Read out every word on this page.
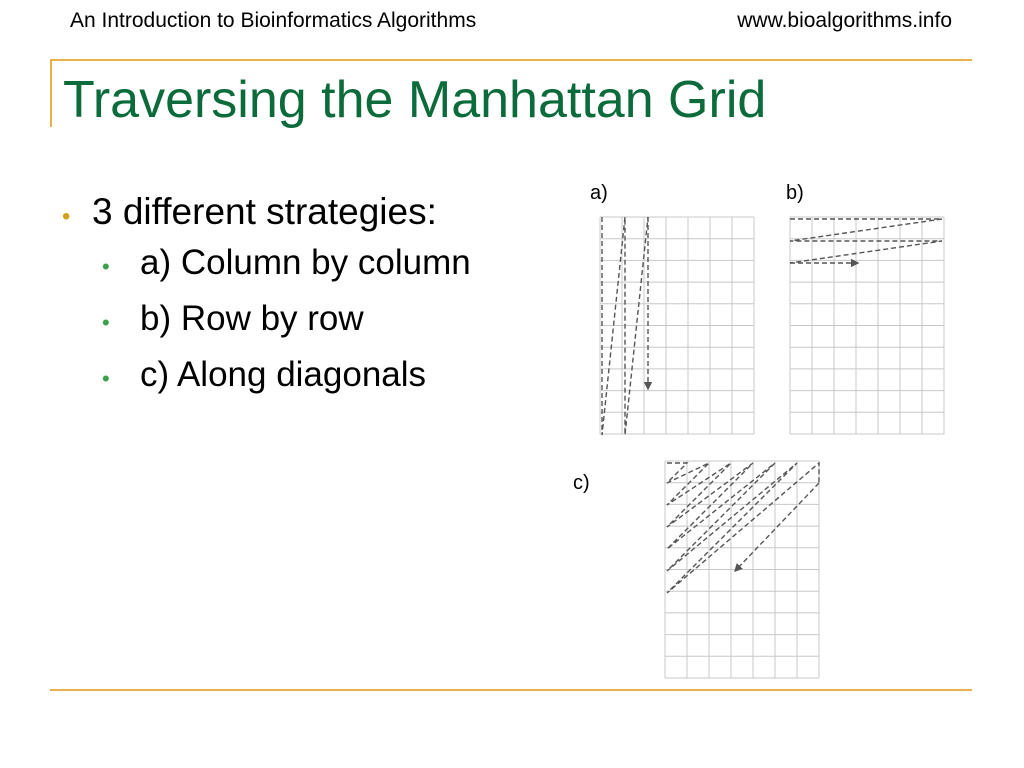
An Introduction to Bioinformatics Algorithms	www.bioalgorithms.info
Traversing the Manhattan Grid
• 3 different strategies:
• a) Column by column
• b) Row by row
• c) Along diagonals
a)	b)
c)
